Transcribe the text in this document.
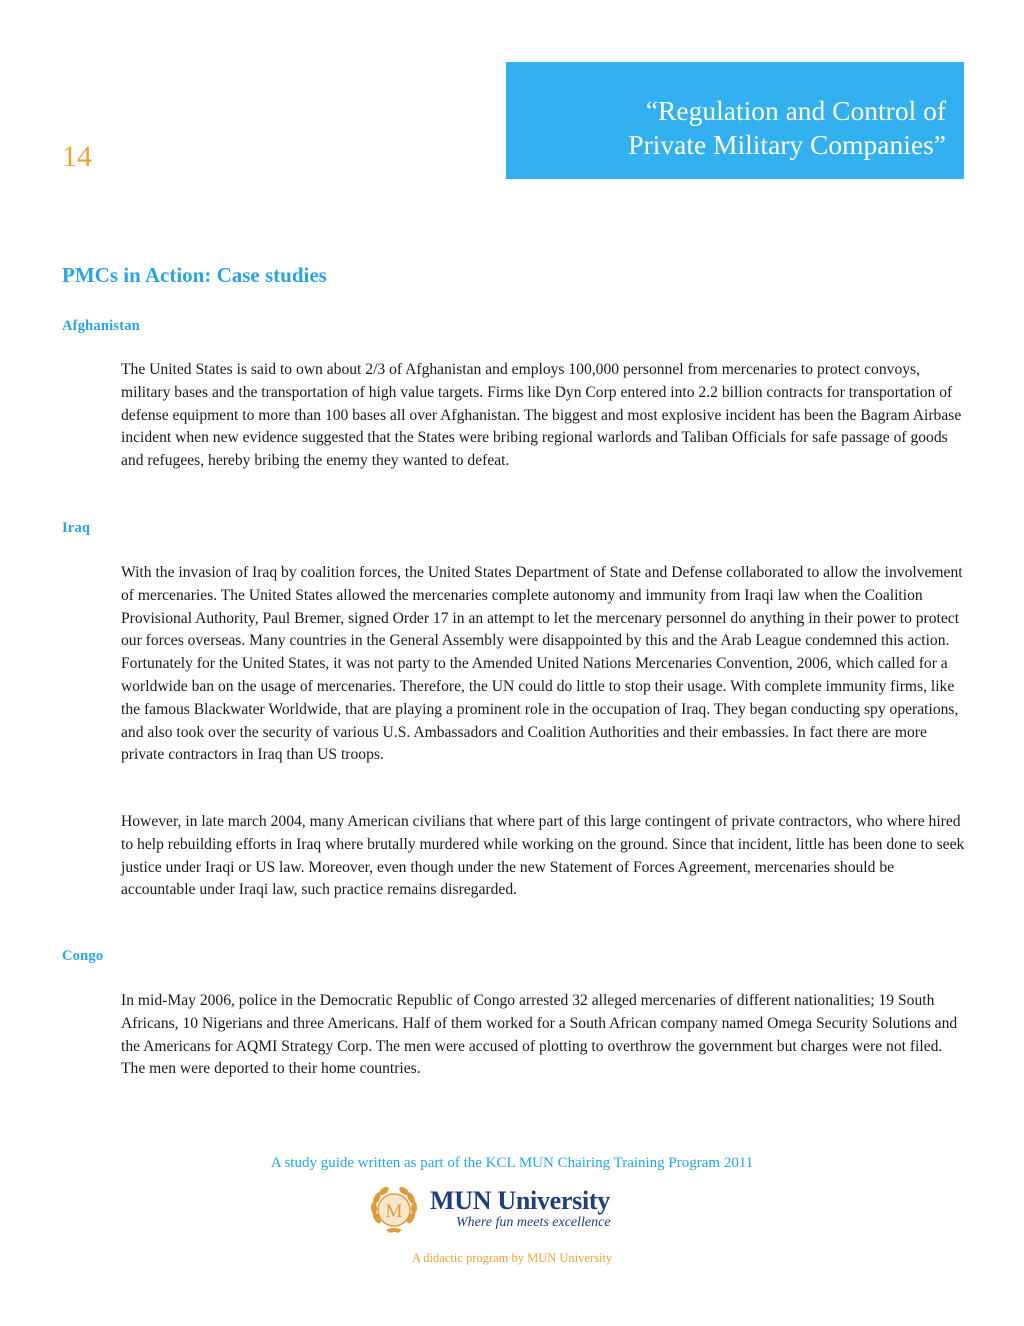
14
“Regulation and Control of
Private Military Companies”
PMCs in Action: Case studies
Afghanistan

The United States is said to own about 2/3 of Afghanistan and employs 100,000 personnel from mercenaries to protect convoys, military bases and the transportation of high value targets. Firms like Dyn Corp entered into 2.2 billion contracts for transportation of defense equipment to more than 100 bases all over Afghanistan. The biggest and most explosive incident has been the Bagram Airbase incident when new evidence suggested that the States were bribing regional warlords and Taliban Officials for safe passage of goods and refugees, hereby bribing the enemy they wanted to defeat.

Iraq

With the invasion of Iraq by coalition forces, the United States Department of State and Defense collaborated to allow the involvement of mercenaries. The United States allowed the mercenaries complete autonomy and immunity from Iraqi law when the Coalition Provisional Authority, Paul Bremer, signed Order 17 in an attempt to let the mercenary personnel do anything in their power to protect our forces overseas. Many countries in the General Assembly were disappointed by this and the Arab League condemned this action. Fortunately for the United States, it was not party to the Amended United Nations Mercenaries Convention, 2006, which called for a worldwide ban on the usage of mercenaries. Therefore, the UN could do little to stop their usage. With complete immunity firms, like the famous Blackwater Worldwide, that are playing a prominent role in the occupation of Iraq. They began conducting spy operations, and also took over the security of various U.S. Ambassadors and Coalition Authorities and their embassies. In fact there are more private contractors in Iraq than US troops.

However, in late march 2004, many American civilians that where part of this large contingent of private contractors, who where hired to help rebuilding efforts in Iraq where brutally murdered while working on the ground. Since that incident, little has been done to seek justice under Iraqi or US law. Moreover, even though under the new Statement of Forces Agreement, mercenaries should be accountable under Iraqi law, such practice remains disregarded.

Congo

In mid-May 2006, police in the Democratic Republic of Congo arrested 32 alleged mercenaries of different nationalities; 19 South Africans, 10 Nigerians and three Americans. Half of them worked for a South African company named Omega Security Solutions and the Americans for AQMI Strategy Corp. The men were accused of plotting to overthrow the government but charges were not filed. The men were deported to their home countries.

A study guide written as part of the KCL MUN Chairing Training Program 2011

M MUN University
Where fun meets excellence

A didactic program by MUN University
